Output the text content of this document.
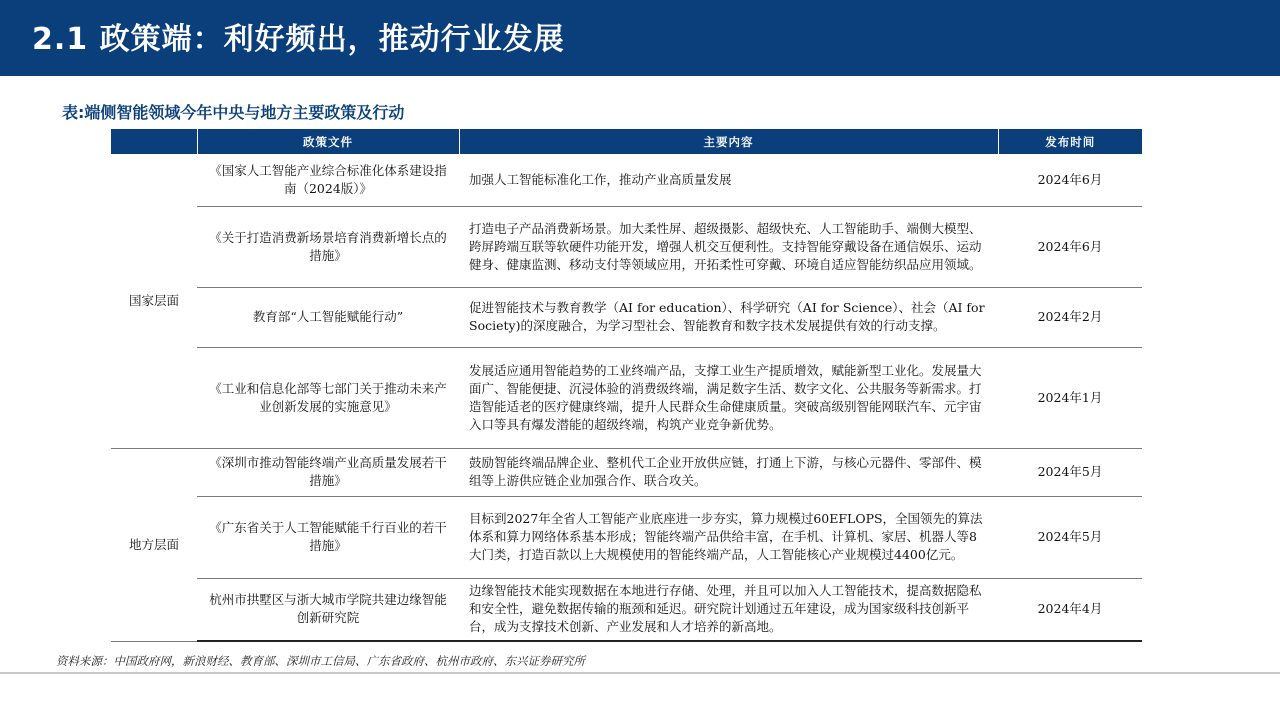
2.1 政策端：利好频出，推动行业发展
表:端侧智能领域今年中央与地方主要政策及行动
	政策文件	主要内容	发布时间
国家层面	《国家人工智能产业综合标准化体系建设指南（2024版）》	加强人工智能标准化工作，推动产业高质量发展	2024年6月
	《关于打造消费新场景培育消费新增长点的措施》	打造电子产品消费新场景。加大柔性屏、超级摄影、超级快充、人工智能助手、端侧大模型、跨屏跨端互联等软硬件功能开发，增强人机交互便利性。支持智能穿戴设备在通信娱乐、运动健身、健康监测、移动支付等领域应用，开拓柔性可穿戴、环境自适应智能纺织品应用领域。	2024年6月
	教育部“人工智能赋能行动”	促进智能技术与教育教学（AI for education）、科学研究（AI for Science）、社会（AI for Society)的深度融合，为学习型社会、智能教育和数字技术发展提供有效的行动支撑。	2024年2月
	《工业和信息化部等七部门关于推动未来产业创新发展的实施意见》	发展适应通用智能趋势的工业终端产品，支撑工业生产提质增效，赋能新型工业化。发展量大面广、智能便捷、沉浸体验的消费级终端，满足数字生活、数字文化、公共服务等新需求。打造智能适老的医疗健康终端，提升人民群众生命健康质量。突破高级别智能网联汽车、元宇宙入口等具有爆发潜能的超级终端，构筑产业竞争新优势。	2024年1月
地方层面	《深圳市推动智能终端产业高质量发展若干措施》	鼓励智能终端品牌企业、整机代工企业开放供应链，打通上下游，与核心元器件、零部件、模组等上游供应链企业加强合作、联合攻关。	2024年5月
	《广东省关于人工智能赋能千行百业的若干措施》	目标到2027年全省人工智能产业底座进一步夯实，算力规模过60EFLOPS，全国领先的算法体系和算力网络体系基本形成；智能终端产品供给丰富，在手机、计算机、家居、机器人等8大门类，打造百款以上大规模使用的智能终端产品，人工智能核心产业规模过4400亿元。	2024年5月
	杭州市拱墅区与浙大城市学院共建边缘智能创新研究院	边缘智能技术能实现数据在本地进行存储、处理，并且可以加入人工智能技术，提高数据隐私和安全性，避免数据传输的瓶颈和延迟。研究院计划通过五年建设，成为国家级科技创新平台，成为支撑技术创新、产业发展和人才培养的新高地。	2024年4月
资料来源：中国政府网，新浪财经、教育部、深圳市工信局、广东省政府、杭州市政府、东兴证券研究所
